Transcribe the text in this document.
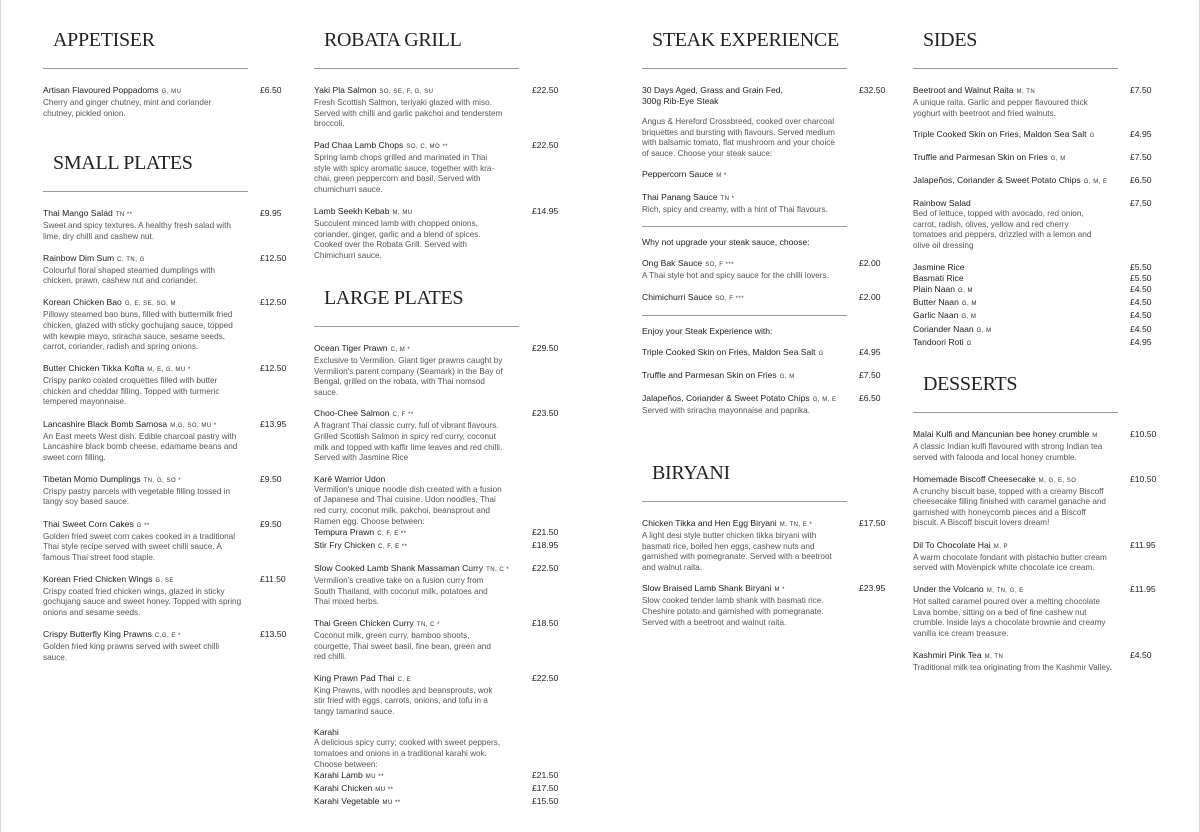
APPETISER
Artisan Flavoured Poppadoms G, MU	£6.50
Cherry and ginger chutney, mint and coriander chutney, pickled onion.
SMALL PLATES
Thai Mango Salad TN **	£9.95
Sweet and spicy textures. A healthy fresh salad with lime, dry chilli and cashew nut.
Rainbow Dim Sum C, TN, G	£12.50
Colourful floral shaped steamed dumplings with chicken, prawn, cashew nut and coriander.
Korean Chicken Bao G, E, SE, SO, M	£12.50
Pillowy steamed bao buns, filled with buttermilk fried chicken, glazed with sticky gochujang sauce, topped with kewpie mayo, sriracha sauce, sesame seeds, carrot, coriander, radish and spring onions.
Butter Chicken Tikka Kofta M, E, G, MU *	£12.50
Crispy panko coated croquettes filled with butter chicken and cheddar filling. Topped with turmeric tempered mayonnaise.
Lancashire Black Bomb Samosa M,G, SO, MU *	£13.95
An East meets West dish. Edible charcoal pastry with Lancashire black bomb cheese, edamame beans and sweet corn filling.
Tibetan Momo Dumplings TN, G, SO *	£9.50
Crispy pastry parcels with vegetable filling tossed in tangy soy based sauce.
Thai Sweet Corn Cakes G **	£9.50
Golden fried sweet corn cakes cooked in a traditional Thai style recipe served with sweet chilli sauce. A famous Thai street food staple.
Korean Fried Chicken Wings G, SE	£11.50
Crispy coated fried chicken wings, glazed in sticky gochujang sauce and sweet honey. Topped with spring onions and sesame seeds.
Crispy Butterfly King Prawns C,G, E *	£13.50
Golden fried king prawns served with sweet chilli sauce.
ROBATA GRILL
Yaki Pla Salmon SO, SE, F, G, SU	£22.50
Fresh Scottish Salmon, teriyaki glazed with miso. Served with chilli and garlic pakchoi and tenderstem broccoli.
Pad Chaa Lamb Chops SO, C, MO **	£22.50
Spring lamb chops grilled and marinated in Thai style with spicy aromatic sauce, together with kra-chai, green peppercorn and basil. Served with chumichurri sauce.
Lamb Seekh Kebab M, MU	£14.95
Succulent minced lamb with chopped onions, coriander, ginger, garlic and a blend of spices. Cooked over the Robata Grill. Served with Chimichurri sauce.
LARGE PLATES
Ocean Tiger Prawn C, M *	£29.50
Exclusive to Vermilion. Giant tiger prawns caught by Vermilion's parent company (Seamark) in the Bay of Bengal, grilled on the robata, with Thai nomsod sauce.
Choo-Chee Salmon C, F **	£23.50
A fragrant Thai classic curry, full of vibrant flavours. Grilled Scottish Salmon in spicy red curry, coconut milk and topped with kaffir lime leaves and red chilli. Served with Jasmine Rice
Karē Warrior Udon
Vermilion's unique noodle dish created with a fusion of Japanese and Thai cuisine. Udon noodles, Thai red curry, coconut milk, pakchoi, beansprout and Ramen egg. Choose between:
Tempura Prawn C, F, E **	£21.50
Stir Fry Chicken C, F, E **	£18.95
Slow Cooked Lamb Shank Massaman Curry TN, C *	£22.50
Vermilion's creative take on a fusion curry from South Thailand, with coconut milk, potatoes and Thai mixed herbs.
Thai Green Chicken Curry TN, C *	£18.50
Coconut milk, green curry, bamboo shoots, courgette, Thai sweet basil, fine bean, green and red chilli.
King Prawn Pad Thai C, E	£22.50
King Prawns, with noodles and beansprouts, wok stir fried with eggs, carrots, onions, and tofu in a tangy tamarind sauce.
Karahi
A delicious spicy curry; cooked with sweet peppers, tomatoes and onions in a traditional karahi wok. Choose between:
Karahi Lamb MU **	£21.50
Karahi Chicken MU **	£17.50
Karahi Vegetable MU **	£15.50
STEAK EXPERIENCE
30 Days Aged, Grass and Grain Fed,
300g Rib-Eye Steak
£32.50
Angus & Hereford Crossbreed, cooked over charcoal briquettes and bursting with flavours. Served medium with balsamic tomato, flat mushroom and your choice of sauce. Choose your steak sauce:
Peppercorn Sauce M *
Thai Panang Sauce TN *
Rich, spicy and creamy, with a hint of Thai flavours.
Why not upgrade your steak sauce, choose:
Ong Bak Sauce SO, F ***	£2.00
A Thai style hot and spicy sauce for the chilli lovers.
Chimichurri Sauce SO, F ***	£2.00
Enjoy your Steak Experience with:
Triple Cooked Skin on Fries, Maldon Sea Salt G	£4.95
Truffle and Parmesan Skin on Fries G, M	£7.50
Jalapeños, Coriander & Sweet Potato Chips G, M, E	£6.50
Served with sriracha mayonnaise and paprika.
BIRYANI
Chicken Tikka and Hen Egg Biryani M, TN, E *	£17.50
A light desi style butter chicken tikka biryani with basmati rice, boiled hen eggs, cashew nuts and garnished with pomegranate. Served with a beetroot and walnut raita.
Slow Braised Lamb Shank Biryani M *	£23.95
Slow cooked tender lamb shank with basmati rice. Cheshire potato and garnished with pomegranate. Served with a beetroot and walnut raita.
SIDES
Beetroot and Walnut Raita M, TN	£7.50
A unique raita. Garlic and pepper flavoured thick yoghurt with beetroot and fried walnuts.
Triple Cooked Skin on Fries, Maldon Sea Salt G	£4.95
Truffle and Parmesan Skin on Fries G, M	£7.50
Jalapeños, Coriander & Sweet Potato Chips G, M, E	£6.50
Rainbow Salad	£7.50
Bed of lettuce, topped with avocado, red onion, carrot, radish, olives, yellow and red cherry tomatoes and peppers, drizzled with a lemon and olive oil dressing
Jasmine Rice	£5.50
Basmati Rice	£5.50
Plain Naan G, M	£4.50
Butter Naan G, M	£4.50
Garlic Naan G, M	£4.50
Coriander Naan G, M	£4.50
Tandoori Roti G	£4.95
DESSERTS
Malai Kulfi and Mancunian bee honey crumble M	£10.50
A classic Indian kulfi flavoured with strong Indian tea served with falooda and local honey crumble.
Homemade Biscoff Cheesecake M, G, E, SO	£10.50
A crunchy biscuit base, topped with a creamy Biscoff cheesecake filling finished with caramel ganache and garnished with honeycomb pieces and a Biscoff biscuit. A Biscoff biscuit lovers dream!
Dil To Chocolate Hai M, P	£11.95
A warm chocolate fondant with pistachio butter cream served with Movenpick white chocolate ice cream.
Under the Volcano M, TN, G, E	£11.95
Hot salted caramel poured over a melting chocolate Lava bombe, sitting on a bed of fine cashew nut crumble. Inside lays a chocolate brownie and creamy vanilla ice cream treasure.
Kashmiri Pink Tea M, TN	£4.50
Traditional milk tea originating from the Kashmir Valley.
